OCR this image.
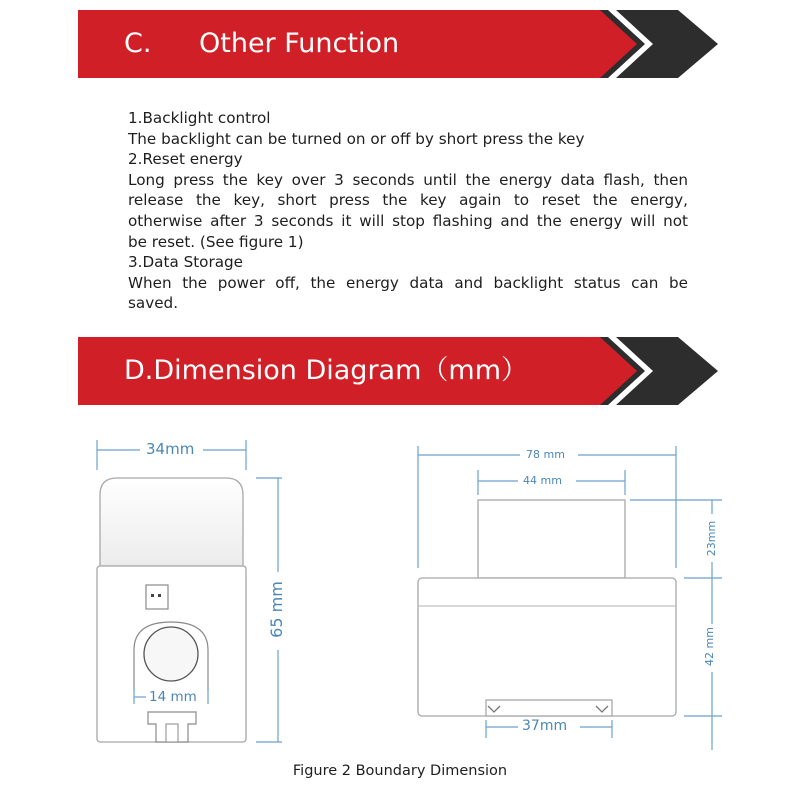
C. Other Function

1.Backlight control

The backlight can be turned on or off by short press the key

2.Reset energy

Long press the key over 3 seconds until the energy data flash, then

release the key, short press the key again to reset the energy,

otherwise after 3 seconds it will stop flashing and the energy will not

be reset. (See figure 1)

3.Data Storage

When the power off, the energy data and backlight status can be

saved.

D.Dimension Diagram（mm）
34mm
65 mm
14 mm
78 mm
44 mm
23mm
42 mm
37mm
Figure 2 Boundary Dimension
